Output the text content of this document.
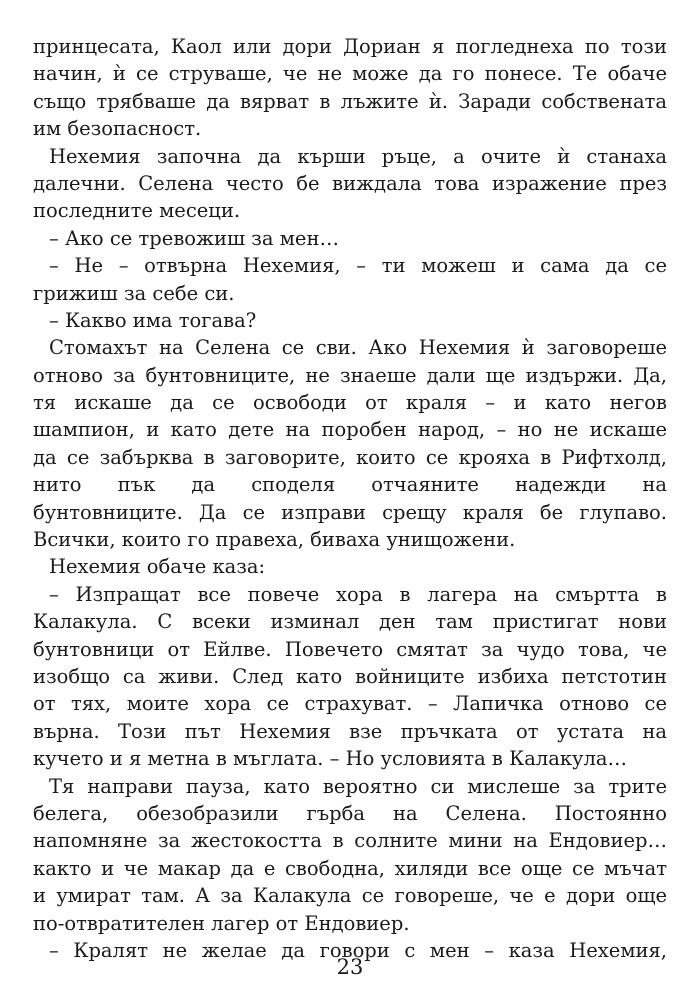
принцесата, Каол или дори Дориан я погледнеха по този
начин, ѝ се струваше, че не може да го понесе. Те обаче
също трябваше да вярват в лъжите ѝ. Заради собствената
им безопасност.
Нехемия започна да кърши ръце, а очите ѝ станаха
далечни. Селена често бе виждала това изражение през
последните месеци.
– Ако се тревожиш за мен…
– Не – отвърна Нехемия, – ти можеш и сама да се
грижиш за себе си.
– Какво има тогава?
Стомахът на Селена се сви. Ако Нехемия ѝ заговореше
отново за бунтовниците, не знаеше дали ще издържи. Да,
тя искаше да се освободи от краля – и като негов
шампион, и като дете на поробен народ, – но не искаше
да се забърква в заговорите, които се крояха в Рифтхолд,
нито пък да споделя отчаяните надежди на
бунтовниците. Да се изправи срещу краля бе глупаво.
Всички, които го правеха, биваха унищожени.
Нехемия обаче каза:
– Изпращат все повече хора в лагера на смъртта в
Калакула. С всеки изминал ден там пристигат нови
бунтовници от Ейлве. Повечето смятат за чудо това, че
изобщо са живи. След като войниците избиха петстотин
от тях, моите хора се страхуват. – Лапичка отново се
върна. Този път Нехемия взе пръчката от устата на
кучето и я метна в мъглата. – Но условията в Калакула…
Тя направи пауза, като вероятно си мислеше за трите
белега, обезобразили гърба на Селена. Постоянно
напомняне за жестокостта в солните мини на Ендовиер…
както и че макар да е свободна, хиляди все още се мъчат
и умират там. А за Калакула се говореше, че е дори още
по-отвратителен лагер от Ендовиер.
– Кралят не желае да говори с мен – каза Нехемия,
23
